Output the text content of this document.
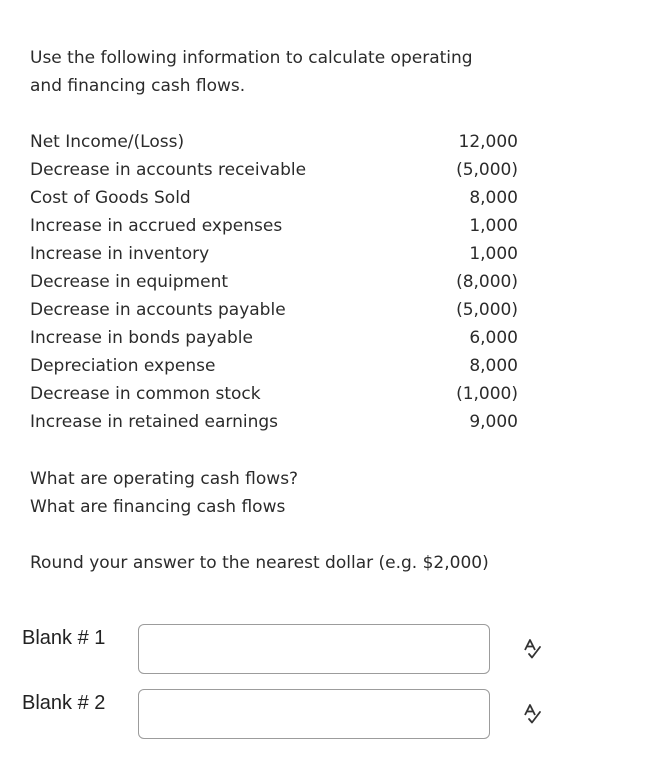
Use the following information to calculate operating
and financing cash flows.
Net Income/(Loss)	12,000
Decrease in accounts receivable	(5,000)
Cost of Goods Sold	8,000
Increase in accrued expenses	1,000
Increase in inventory	1,000
Decrease in equipment	(8,000)
Decrease in accounts payable	(5,000)
Increase in bonds payable	6,000
Depreciation expense	8,000
Decrease in common stock	(1,000)
Increase in retained earnings	9,000
What are operating cash flows?
What are financing cash flows
Round your answer to the nearest dollar (e.g. $2,000)
Blank # 1
Blank # 2
